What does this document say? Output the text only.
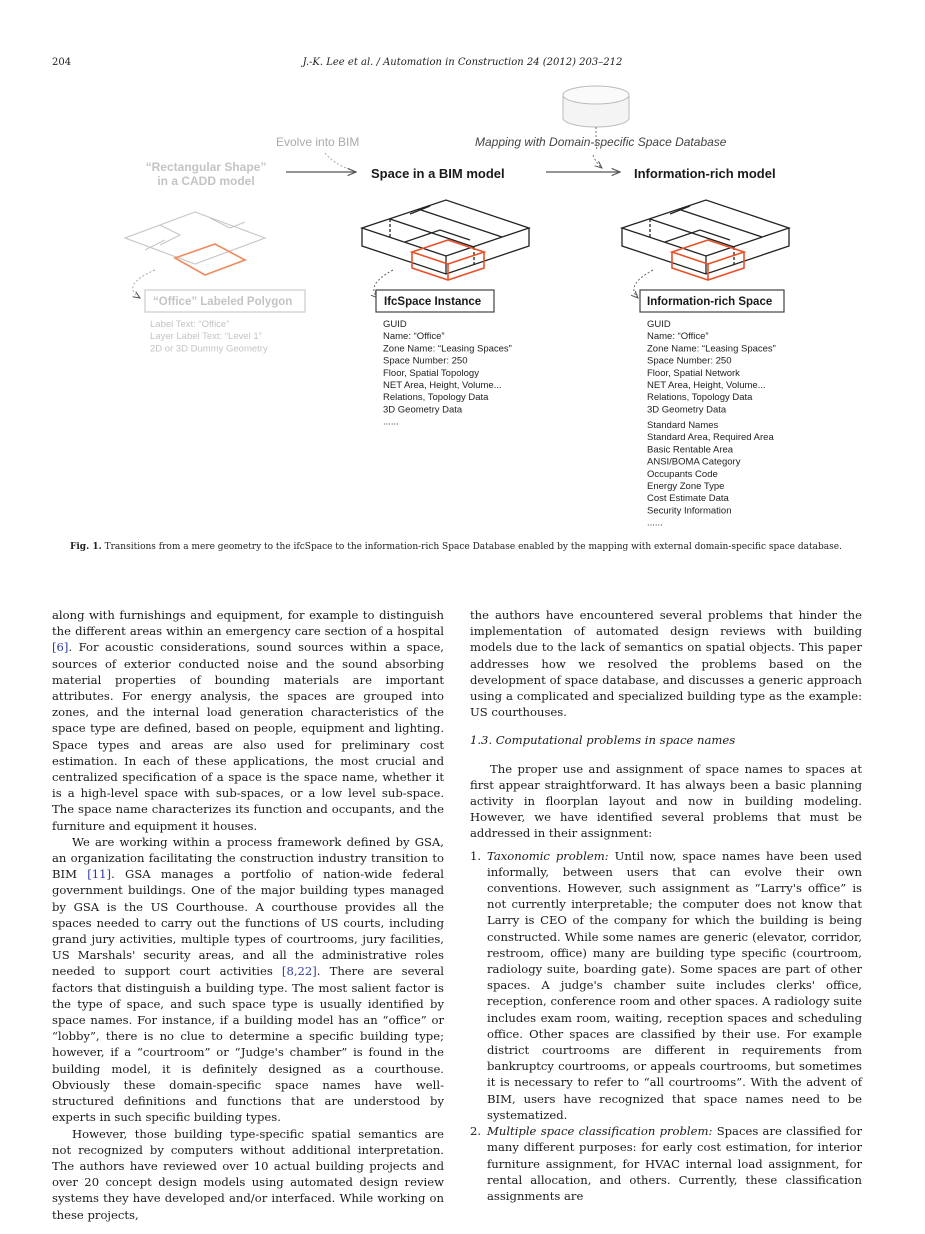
204	J.-K. Lee et al. / Automation in Construction 24 (2012) 203–212
Evolve into BIM	Mapping with Domain-specific Space Database
“Rectangular Shape”
in a CADD model	Space in a BIM model	Information-rich model
“Office” Labeled Polygon	IfcSpace Instance	Information-rich Space
Label Text: “Office”
Layer Label Text: “Level 1”
2D or 3D Dummy Geometry
GUID
Name: “Office”
Zone Name: “Leasing Spaces”
Space Number: 250
Floor, Spatial Topology
NET Area, Height, Volume...
Relations, Topology Data
3D Geometry Data
......
GUID
Name: “Office”
Zone Name: “Leasing Spaces”
Space Number: 250
Floor, Spatial Network
NET Area, Height, Volume...
Relations, Topology Data
3D Geometry Data
Standard Names
Standard Area, Required Area
Basic Rentable Area
ANSI/BOMA Category
Occupants Code
Energy Zone Type
Cost Estimate Data
Security Information
......
Fig. 1. Transitions from a mere geometry to the ifcSpace to the information-rich Space Database enabled by the mapping with external domain-specific space database.

along with furnishings and equipment, for example to distinguish the different areas within an emergency care section of a hospital [6]. For acoustic considerations, sound sources within a space, sources of exterior conducted noise and the sound absorbing material properties of bounding materials are important attributes. For energy analysis, the spaces are grouped into zones, and the internal load generation characteristics of the space type are defined, based on people, equipment and lighting. Space types and areas are also used for preliminary cost estimation. In each of these applications, the most crucial and centralized specification of a space is the space name, whether it is a high-level space with sub-spaces, or a low level sub-space. The space name characterizes its function and occupants, and the furniture and equipment it houses.

We are working within a process framework defined by GSA, an organization facilitating the construction industry transition to BIM [11]. GSA manages a portfolio of nation-wide federal government buildings. One of the major building types managed by GSA is the US Courthouse. A courthouse provides all the spaces needed to carry out the functions of US courts, including grand jury activities, multiple types of courtrooms, jury facilities, US Marshals' security areas, and all the administrative roles needed to support court activities [8,22]. There are several factors that distinguish a building type. The most salient factor is the type of space, and such space type is usually identified by space names. For instance, if a building model has an “office” or “lobby”, there is no clue to determine a specific building type; however, if a “courtroom” or “Judge's chamber” is found in the building model, it is definitely designed as a courthouse. Obviously these domain-specific space names have well-structured definitions and functions that are understood by experts in such specific building types.

However, those building type-specific spatial semantics are not recognized by computers without additional interpretation. The authors have reviewed over 10 actual building projects and over 20 concept design models using automated design review systems they have developed and/or interfaced. While working on these projects,

the authors have encountered several problems that hinder the implementation of automated design reviews with building models due to the lack of semantics on spatial objects. This paper addresses how we resolved the problems based on the development of space database, and discusses a generic approach using a complicated and specialized building type as the example: US courthouses.

1.3. Computational problems in space names

The proper use and assignment of space names to spaces at first appear straightforward. It has always been a basic planning activity in floorplan layout and now in building modeling. However, we have identified several problems that must be addressed in their assignment:

1. Taxonomic problem: Until now, space names have been used informally, between users that can evolve their own conventions. However, such assignment as “Larry's office” is not currently interpretable; the computer does not know that Larry is CEO of the company for which the building is being constructed. While some names are generic (elevator, corridor, restroom, office) many are building type specific (courtroom, radiology suite, boarding gate). Some spaces are part of other spaces. A judge's chamber suite includes clerks' office, reception, conference room and other spaces. A radiology suite includes exam room, waiting, reception spaces and scheduling office. Other spaces are classified by their use. For example district courtrooms are different in requirements from bankruptcy courtrooms, or appeals courtrooms, but sometimes it is necessary to refer to “all courtrooms”. With the advent of BIM, users have recognized that space names need to be systematized.
2. Multiple space classification problem: Spaces are classified for many different purposes: for early cost estimation, for interior furniture assignment, for HVAC internal load assignment, for rental allocation, and others. Currently, these classification assignments are
